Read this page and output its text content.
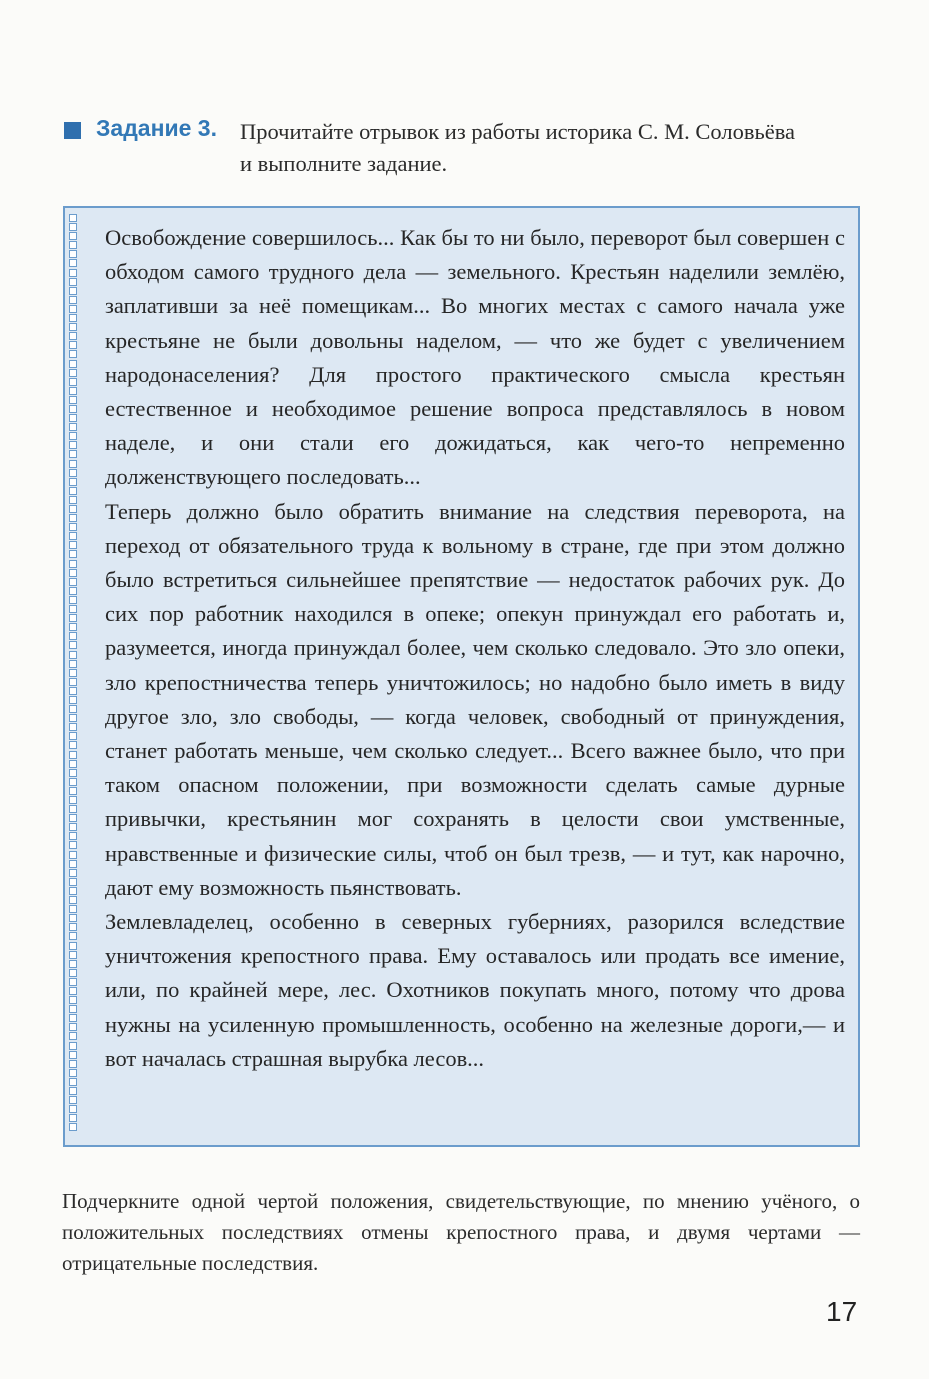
Задание 3. Прочитайте отрывок из работы историка С. М. Соловьёва
и выполните задание.

Освобождение совершилось... Как бы то ни было, переворот был совершен с обходом самого трудного дела — земельного. Крестьян наделили землёю, заплативши за неё помещикам... Во многих местах с самого начала уже крестьяне не были довольны наделом, — что же будет с увеличением народонаселения? Для простого практического смысла крестьян естественное и необходимое решение вопроса представлялось в новом наделе, и они стали его дожидаться, как чего-то непременно долженствующего последовать...

Теперь должно было обратить внимание на следствия переворота, на переход от обязательного труда к вольному в стране, где при этом должно было встретиться сильнейшее препятствие — недостаток рабочих рук. До сих пор работник находился в опеке; опекун принуждал его работать и, разумеется, иногда принуждал более, чем сколько следовало. Это зло опеки, зло крепостничества теперь уничтожилось; но надобно было иметь в виду другое зло, зло свободы, — когда человек, свободный от принуждения, станет работать меньше, чем сколько следует... Всего важнее было, что при таком опасном положении, при возможности сделать самые дурные привычки, крестьянин мог сохранять в целости свои умственные, нравственные и физические силы, чтоб он был трезв, — и тут, как нарочно, дают ему возможность пьянствовать.

Землевладелец, особенно в северных губерниях, разорился вследствие уничтожения крепостного права. Ему оставалось или продать все имение, или, по крайней мере, лес. Охотников покупать много, потому что дрова нужны на усиленную промышленность, особенно на железные дороги,— и вот началась страшная вырубка лесов...

Подчеркните одной чертой положения, свидетельствующие, по мнению учёного, о положительных последствиях отмены крепостного права, и двумя чертами — отрицательные последствия.
17
